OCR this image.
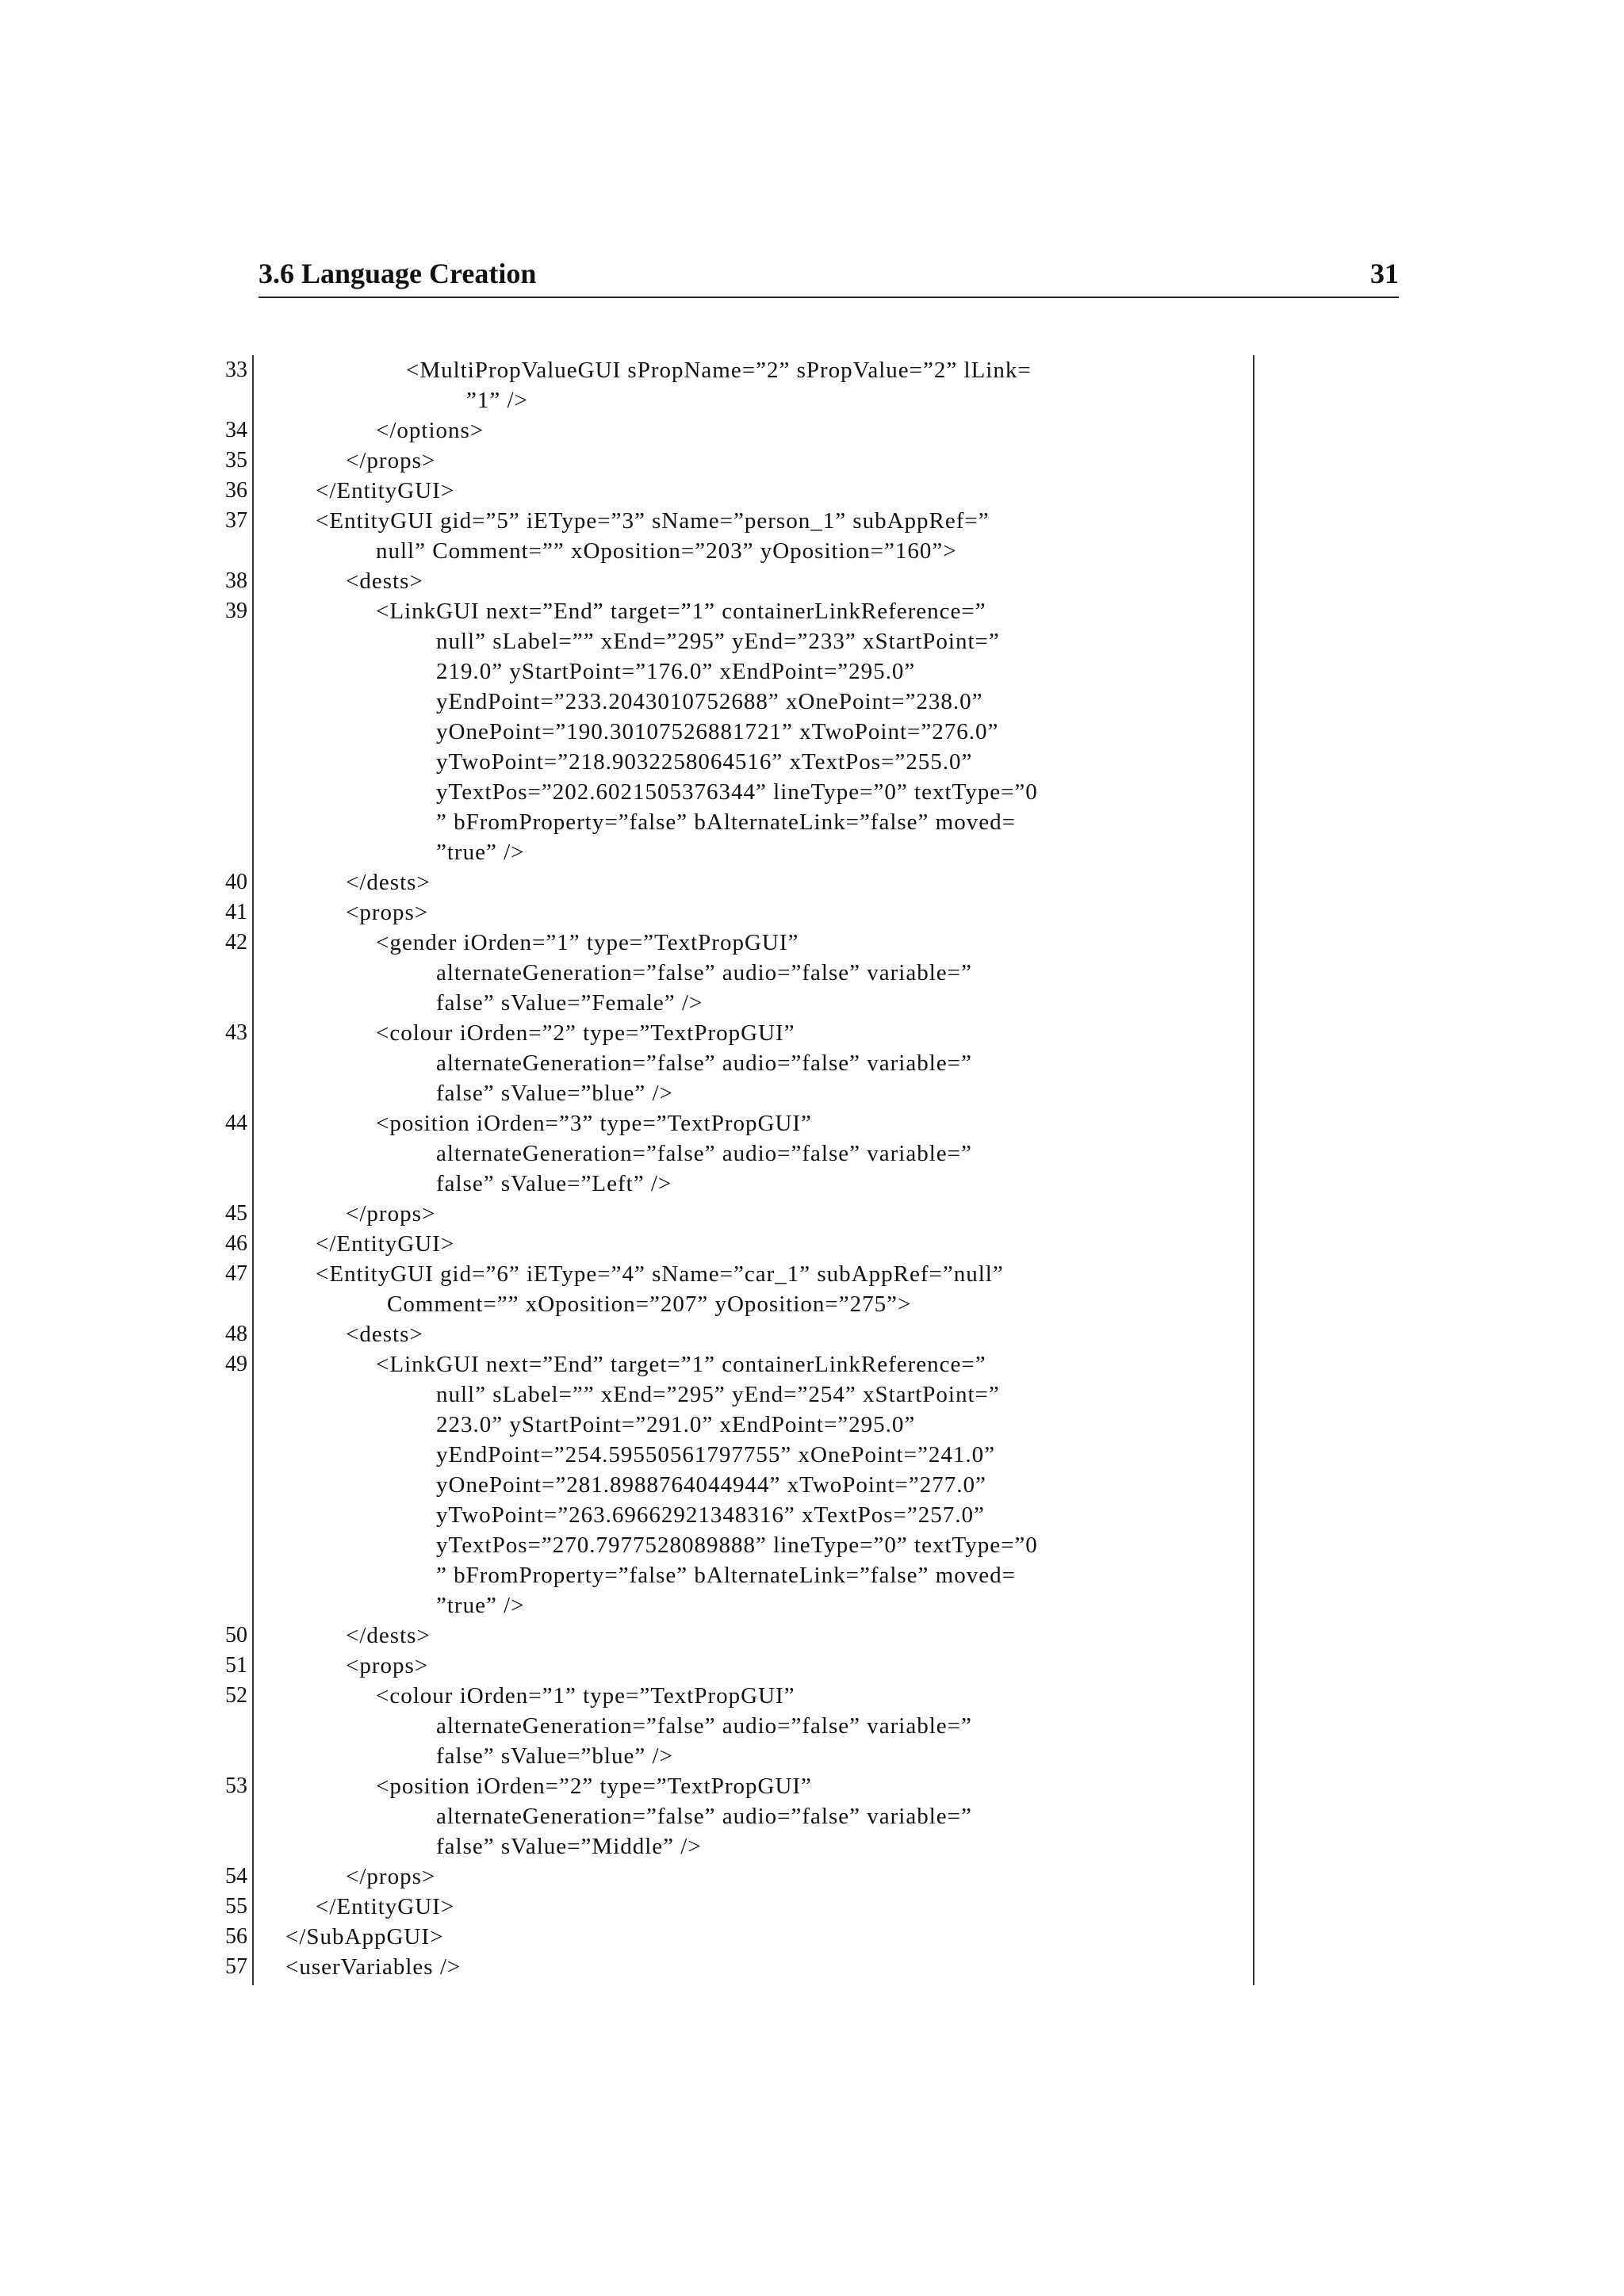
3.6 Language Creation	31
33
34
35
36
37
38
39
40
41
42
43
44
45
46
47
48
49
50
51
52
53
54
55
56
57
<MultiPropValueGUI sPropName=”2” sPropValue=”2” lLink=
”1” />
</options>
</props>
</EntityGUI>
<EntityGUI gid=”5” iEType=”3” sName=”person_1” subAppRef=”
null” Comment=”” xOposition=”203” yOposition=”160”>
<dests>
<LinkGUI next=”End” target=”1” containerLinkReference=”
null” sLabel=”” xEnd=”295” yEnd=”233” xStartPoint=”
219.0” yStartPoint=”176.0” xEndPoint=”295.0”
yEndPoint=”233.2043010752688” xOnePoint=”238.0”
yOnePoint=”190.30107526881721” xTwoPoint=”276.0”
yTwoPoint=”218.9032258064516” xTextPos=”255.0”
yTextPos=”202.6021505376344” lineType=”0” textType=”0
” bFromProperty=”false” bAlternateLink=”false” moved=
”true” />
</dests>
<props>
<gender iOrden=”1” type=”TextPropGUI”
alternateGeneration=”false” audio=”false” variable=”
false” sValue=”Female” />
<colour iOrden=”2” type=”TextPropGUI”
alternateGeneration=”false” audio=”false” variable=”
false” sValue=”blue” />
<position iOrden=”3” type=”TextPropGUI”
alternateGeneration=”false” audio=”false” variable=”
false” sValue=”Left” />
</props>
</EntityGUI>
<EntityGUI gid=”6” iEType=”4” sName=”car_1” subAppRef=”null”
Comment=”” xOposition=”207” yOposition=”275”>
<dests>
<LinkGUI next=”End” target=”1” containerLinkReference=”
null” sLabel=”” xEnd=”295” yEnd=”254” xStartPoint=”
223.0” yStartPoint=”291.0” xEndPoint=”295.0”
yEndPoint=”254.59550561797755” xOnePoint=”241.0”
yOnePoint=”281.8988764044944” xTwoPoint=”277.0”
yTwoPoint=”263.69662921348316” xTextPos=”257.0”
yTextPos=”270.7977528089888” lineType=”0” textType=”0
” bFromProperty=”false” bAlternateLink=”false” moved=
”true” />
</dests>
<props>
<colour iOrden=”1” type=”TextPropGUI”
alternateGeneration=”false” audio=”false” variable=”
false” sValue=”blue” />
<position iOrden=”2” type=”TextPropGUI”
alternateGeneration=”false” audio=”false” variable=”
false” sValue=”Middle” />
</props>
</EntityGUI>
</SubAppGUI>
<userVariables />
